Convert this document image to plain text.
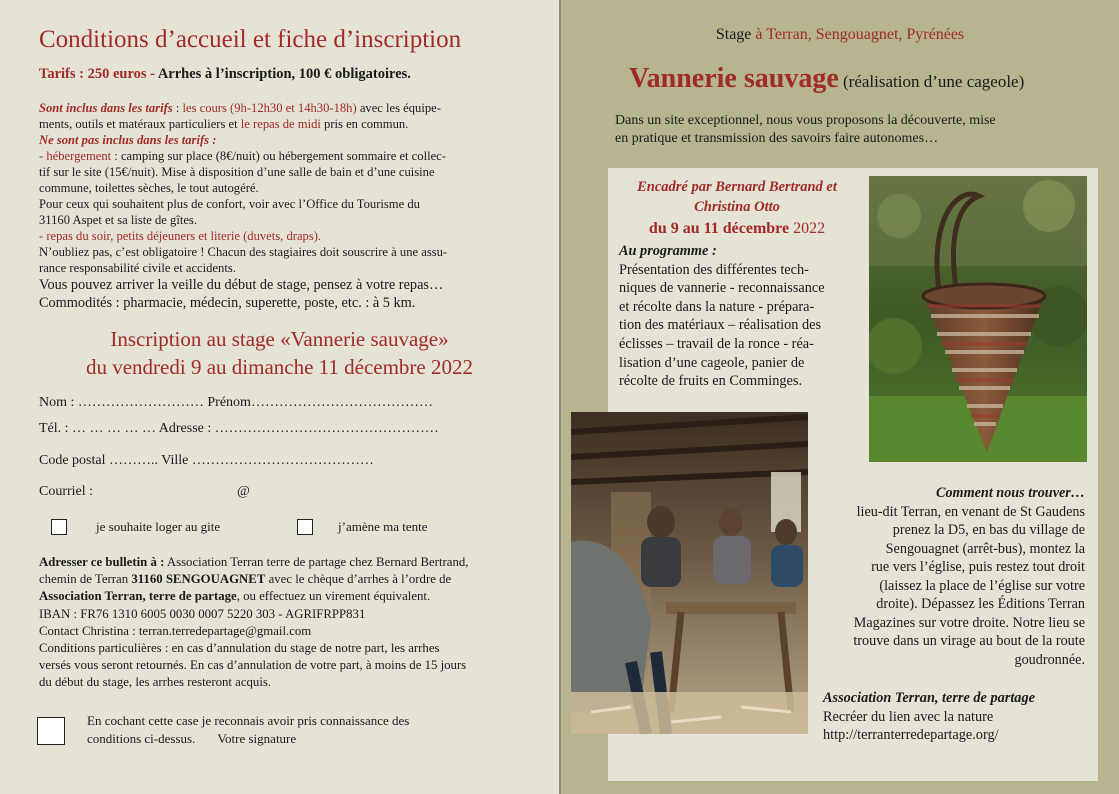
Conditions d’accueil et fiche d’inscription
Tarifs : 250 euros - Arrhes à l’inscription, 100 € obligatoires.
Sont inclus dans les tarifs : les cours (9h-12h30 et 14h30-18h) avec les équipe-
ments, outils et matéraux particuliers et le repas de midi pris en commun.
Ne sont pas inclus dans les tarifs :
- hébergement : camping sur place (8€/nuit) ou hébergement sommaire et collec-
tif sur le site (15€/nuit). Mise à disposition d’une salle de bain et d’une cuisine
commune, toilettes sèches, le tout autogéré.
Pour ceux qui souhaitent plus de confort, voir avec l’Office du Tourisme du
31160 Aspet et sa liste de gîtes.
- repas du soir, petits déjeuners et literie (duvets, draps).
N’oubliez pas, c’est obligatoire ! Chacun des stagiaires doit souscrire à une assu-
rance responsabilité civile et accidents.
Vous pouvez arriver la veille du début de stage, pensez à votre repas…
Commodités : pharmacie, médecin, superette, poste, etc. : à 5 km.
Inscription au stage «Vannerie sauvage»
du vendredi 9 au dimanche 11 décembre 2022
Nom : ……………………… Prénom…………………………………
Tél. : … … … … … Adresse : …………………………………………
Code postal ……….. Ville …………………………………
Courriel :	@
je souhaite loger au gite	j’amène ma tente
Adresser ce bulletin à : Association Terran terre de partage chez Bernard Bertrand,
chemin de Terran 31160 SENGOUAGNET avec le chèque d’arrhes à l’ordre de
Association Terran, terre de partage, ou effectuez un virement équivalent.
IBAN : FR76 1310 6005 0030 0007 5220 303 - AGRIFRPP831
Contact Christina : terran.terredepartage@gmail.com
Conditions particulières : en cas d’annulation du stage de notre part, les arrhes
versés vous seront retournés. En cas d’annulation de votre part, à moins de 15 jours
du début du stage, les arrhes resteront acquis.
En cochant cette case je reconnais avoir pris connaissance des
conditions ci-dessus. Votre signature
Stage à Terran, Sengouagnet, Pyrénées
Vannerie sauvage (réalisation d’une cageole)
Dans un site exceptionnel, nous vous proposons la découverte, mise
en pratique et transmission des savoirs faire autonomes…
Encadré par Bernard Bertrand et
Christina Otto
du 9 au 11 décembre 2022
Au programme :
Présentation des différentes tech-
niques de vannerie - reconnaissance
et récolte dans la nature - prépara-
tion des matériaux – réalisation des
éclisses – travail de la ronce - réa-
lisation d’une cageole, panier de
récolte de fruits en Comminges.
Comment nous trouver…
lieu-dit Terran, en venant de St Gaudens
prenez la D5, en bas du village de
Sengouagnet (arrêt-bus), montez la
rue vers l’église, puis restez tout droit
(laissez la place de l’église sur votre
droite). Dépassez les Éditions Terran
Magazines sur votre droite. Notre lieu se
trouve dans un virage au bout de la route
goudronnée.
Association Terran, terre de partage
Recréer du lien avec la nature
http://terranterredepartage.org/
